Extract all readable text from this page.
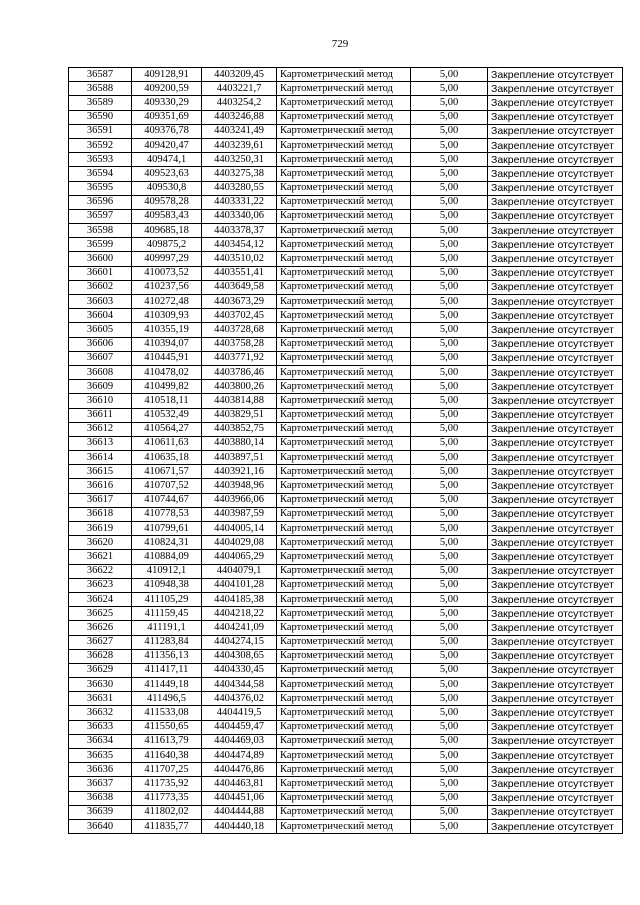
729
36587	409128,91	4403209,45	Картометрический метод	5,00	Закрепление отсутствует
36588	409200,59	4403221,7	Картометрический метод	5,00	Закрепление отсутствует
36589	409330,29	4403254,2	Картометрический метод	5,00	Закрепление отсутствует
36590	409351,69	4403246,88	Картометрический метод	5,00	Закрепление отсутствует
36591	409376,78	4403241,49	Картометрический метод	5,00	Закрепление отсутствует
36592	409420,47	4403239,61	Картометрический метод	5,00	Закрепление отсутствует
36593	409474,1	4403250,31	Картометрический метод	5,00	Закрепление отсутствует
36594	409523,63	4403275,38	Картометрический метод	5,00	Закрепление отсутствует
36595	409530,8	4403280,55	Картометрический метод	5,00	Закрепление отсутствует
36596	409578,28	4403331,22	Картометрический метод	5,00	Закрепление отсутствует
36597	409583,43	4403340,06	Картометрический метод	5,00	Закрепление отсутствует
36598	409685,18	4403378,37	Картометрический метод	5,00	Закрепление отсутствует
36599	409875,2	4403454,12	Картометрический метод	5,00	Закрепление отсутствует
36600	409997,29	4403510,02	Картометрический метод	5,00	Закрепление отсутствует
36601	410073,52	4403551,41	Картометрический метод	5,00	Закрепление отсутствует
36602	410237,56	4403649,58	Картометрический метод	5,00	Закрепление отсутствует
36603	410272,48	4403673,29	Картометрический метод	5,00	Закрепление отсутствует
36604	410309,93	4403702,45	Картометрический метод	5,00	Закрепление отсутствует
36605	410355,19	4403728,68	Картометрический метод	5,00	Закрепление отсутствует
36606	410394,07	4403758,28	Картометрический метод	5,00	Закрепление отсутствует
36607	410445,91	4403771,92	Картометрический метод	5,00	Закрепление отсутствует
36608	410478,02	4403786,46	Картометрический метод	5,00	Закрепление отсутствует
36609	410499,82	4403800,26	Картометрический метод	5,00	Закрепление отсутствует
36610	410518,11	4403814,88	Картометрический метод	5,00	Закрепление отсутствует
36611	410532,49	4403829,51	Картометрический метод	5,00	Закрепление отсутствует
36612	410564,27	4403852,75	Картометрический метод	5,00	Закрепление отсутствует
36613	410611,63	4403880,14	Картометрический метод	5,00	Закрепление отсутствует
36614	410635,18	4403897,51	Картометрический метод	5,00	Закрепление отсутствует
36615	410671,57	4403921,16	Картометрический метод	5,00	Закрепление отсутствует
36616	410707,52	4403948,96	Картометрический метод	5,00	Закрепление отсутствует
36617	410744,67	4403966,06	Картометрический метод	5,00	Закрепление отсутствует
36618	410778,53	4403987,59	Картометрический метод	5,00	Закрепление отсутствует
36619	410799,61	4404005,14	Картометрический метод	5,00	Закрепление отсутствует
36620	410824,31	4404029,08	Картометрический метод	5,00	Закрепление отсутствует
36621	410884,09	4404065,29	Картометрический метод	5,00	Закрепление отсутствует
36622	410912,1	4404079,1	Картометрический метод	5,00	Закрепление отсутствует
36623	410948,38	4404101,28	Картометрический метод	5,00	Закрепление отсутствует
36624	411105,29	4404185,38	Картометрический метод	5,00	Закрепление отсутствует
36625	411159,45	4404218,22	Картометрический метод	5,00	Закрепление отсутствует
36626	411191,1	4404241,09	Картометрический метод	5,00	Закрепление отсутствует
36627	411283,84	4404274,15	Картометрический метод	5,00	Закрепление отсутствует
36628	411356,13	4404308,65	Картометрический метод	5,00	Закрепление отсутствует
36629	411417,11	4404330,45	Картометрический метод	5,00	Закрепление отсутствует
36630	411449,18	4404344,58	Картометрический метод	5,00	Закрепление отсутствует
36631	411496,5	4404376,02	Картометрический метод	5,00	Закрепление отсутствует
36632	411533,08	4404419,5	Картометрический метод	5,00	Закрепление отсутствует
36633	411550,65	4404459,47	Картометрический метод	5,00	Закрепление отсутствует
36634	411613,79	4404469,03	Картометрический метод	5,00	Закрепление отсутствует
36635	411640,38	4404474,89	Картометрический метод	5,00	Закрепление отсутствует
36636	411707,25	4404476,86	Картометрический метод	5,00	Закрепление отсутствует
36637	411735,92	4404463,81	Картометрический метод	5,00	Закрепление отсутствует
36638	411773,35	4404451,06	Картометрический метод	5,00	Закрепление отсутствует
36639	411802,02	4404444,88	Картометрический метод	5,00	Закрепление отсутствует
36640	411835,77	4404440,18	Картометрический метод	5,00	Закрепление отсутствует
